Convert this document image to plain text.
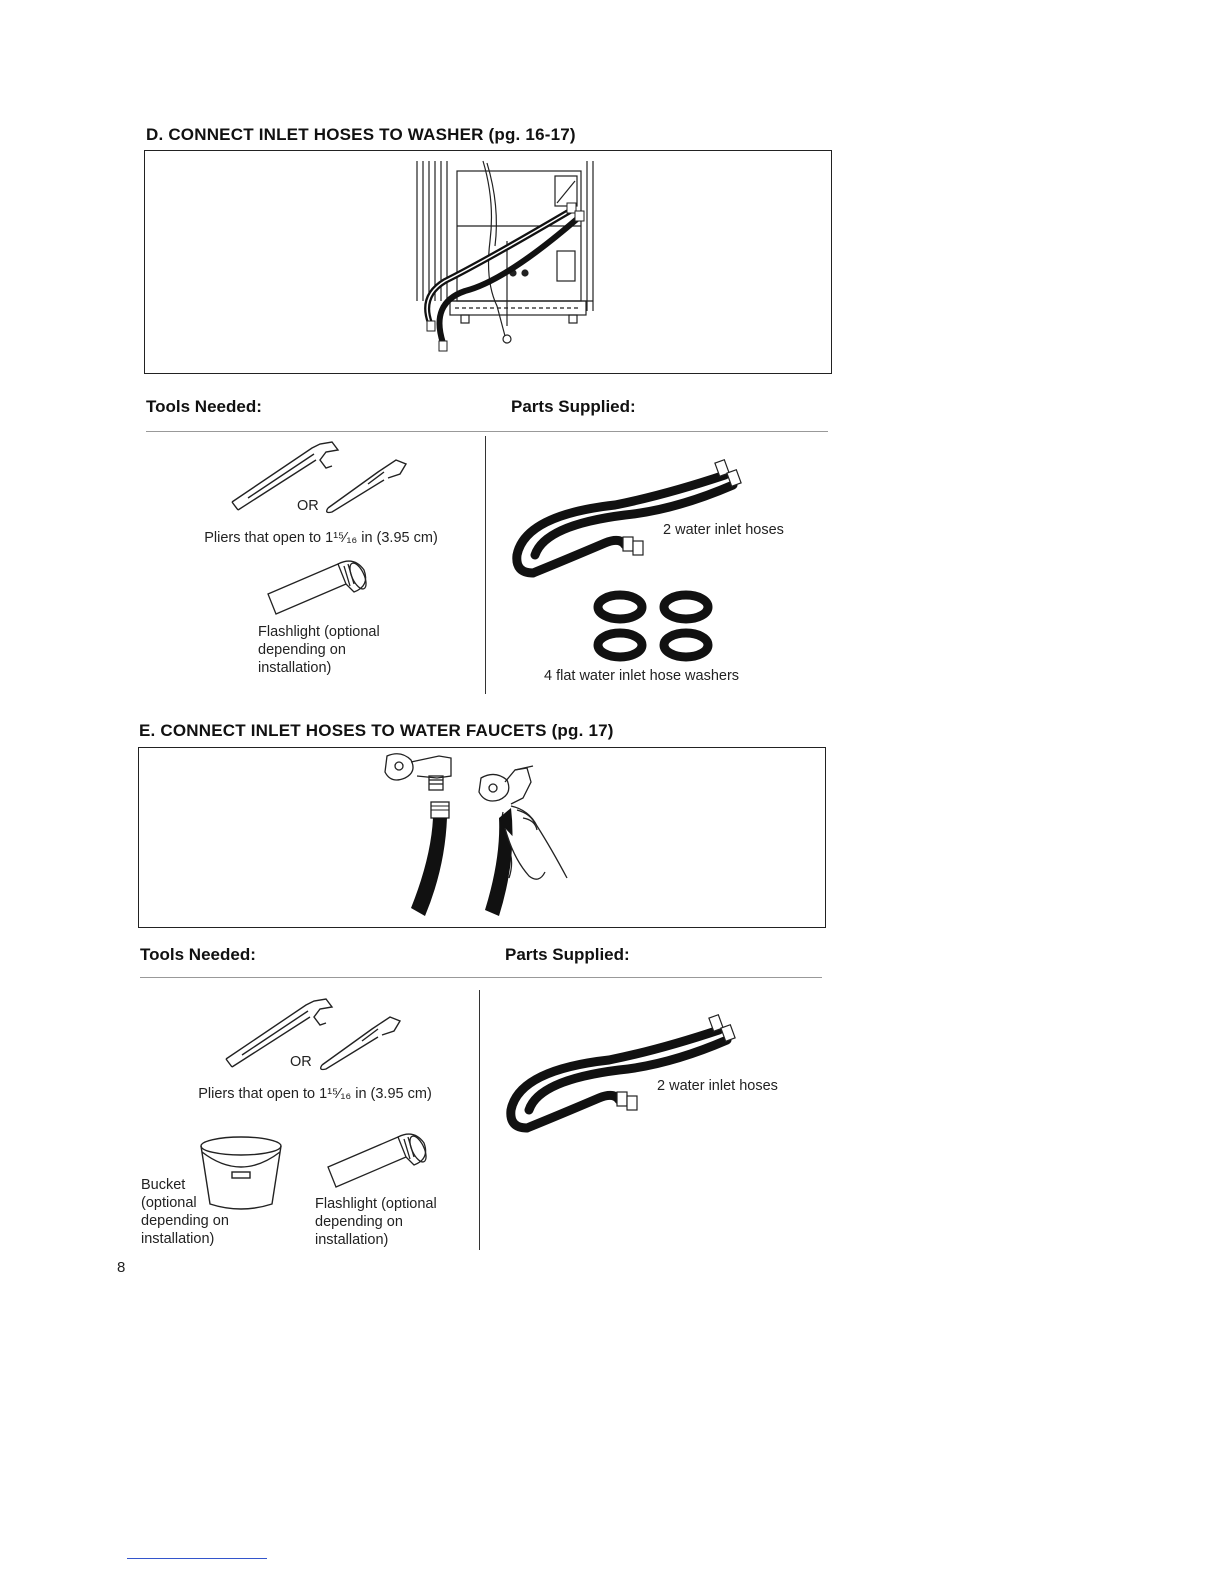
D. CONNECT INLET HOSES TO WASHER (pg. 16-17)
Tools Needed:	Parts Supplied:
OR
Pliers that open to 1¹⁵⁄₁₆ in (3.95 cm)
Flashlight (optional
depending on
installation)
2 water inlet hoses
4 flat water inlet hose washers
E. CONNECT INLET HOSES TO WATER FAUCETS (pg. 17)
Tools Needed:	Parts Supplied:
OR
Pliers that open to 1¹⁵⁄₁₆ in (3.95 cm)
Bucket
(optional
depending on
installation)
Flashlight (optional
depending on
installation)
2 water inlet hoses
8
